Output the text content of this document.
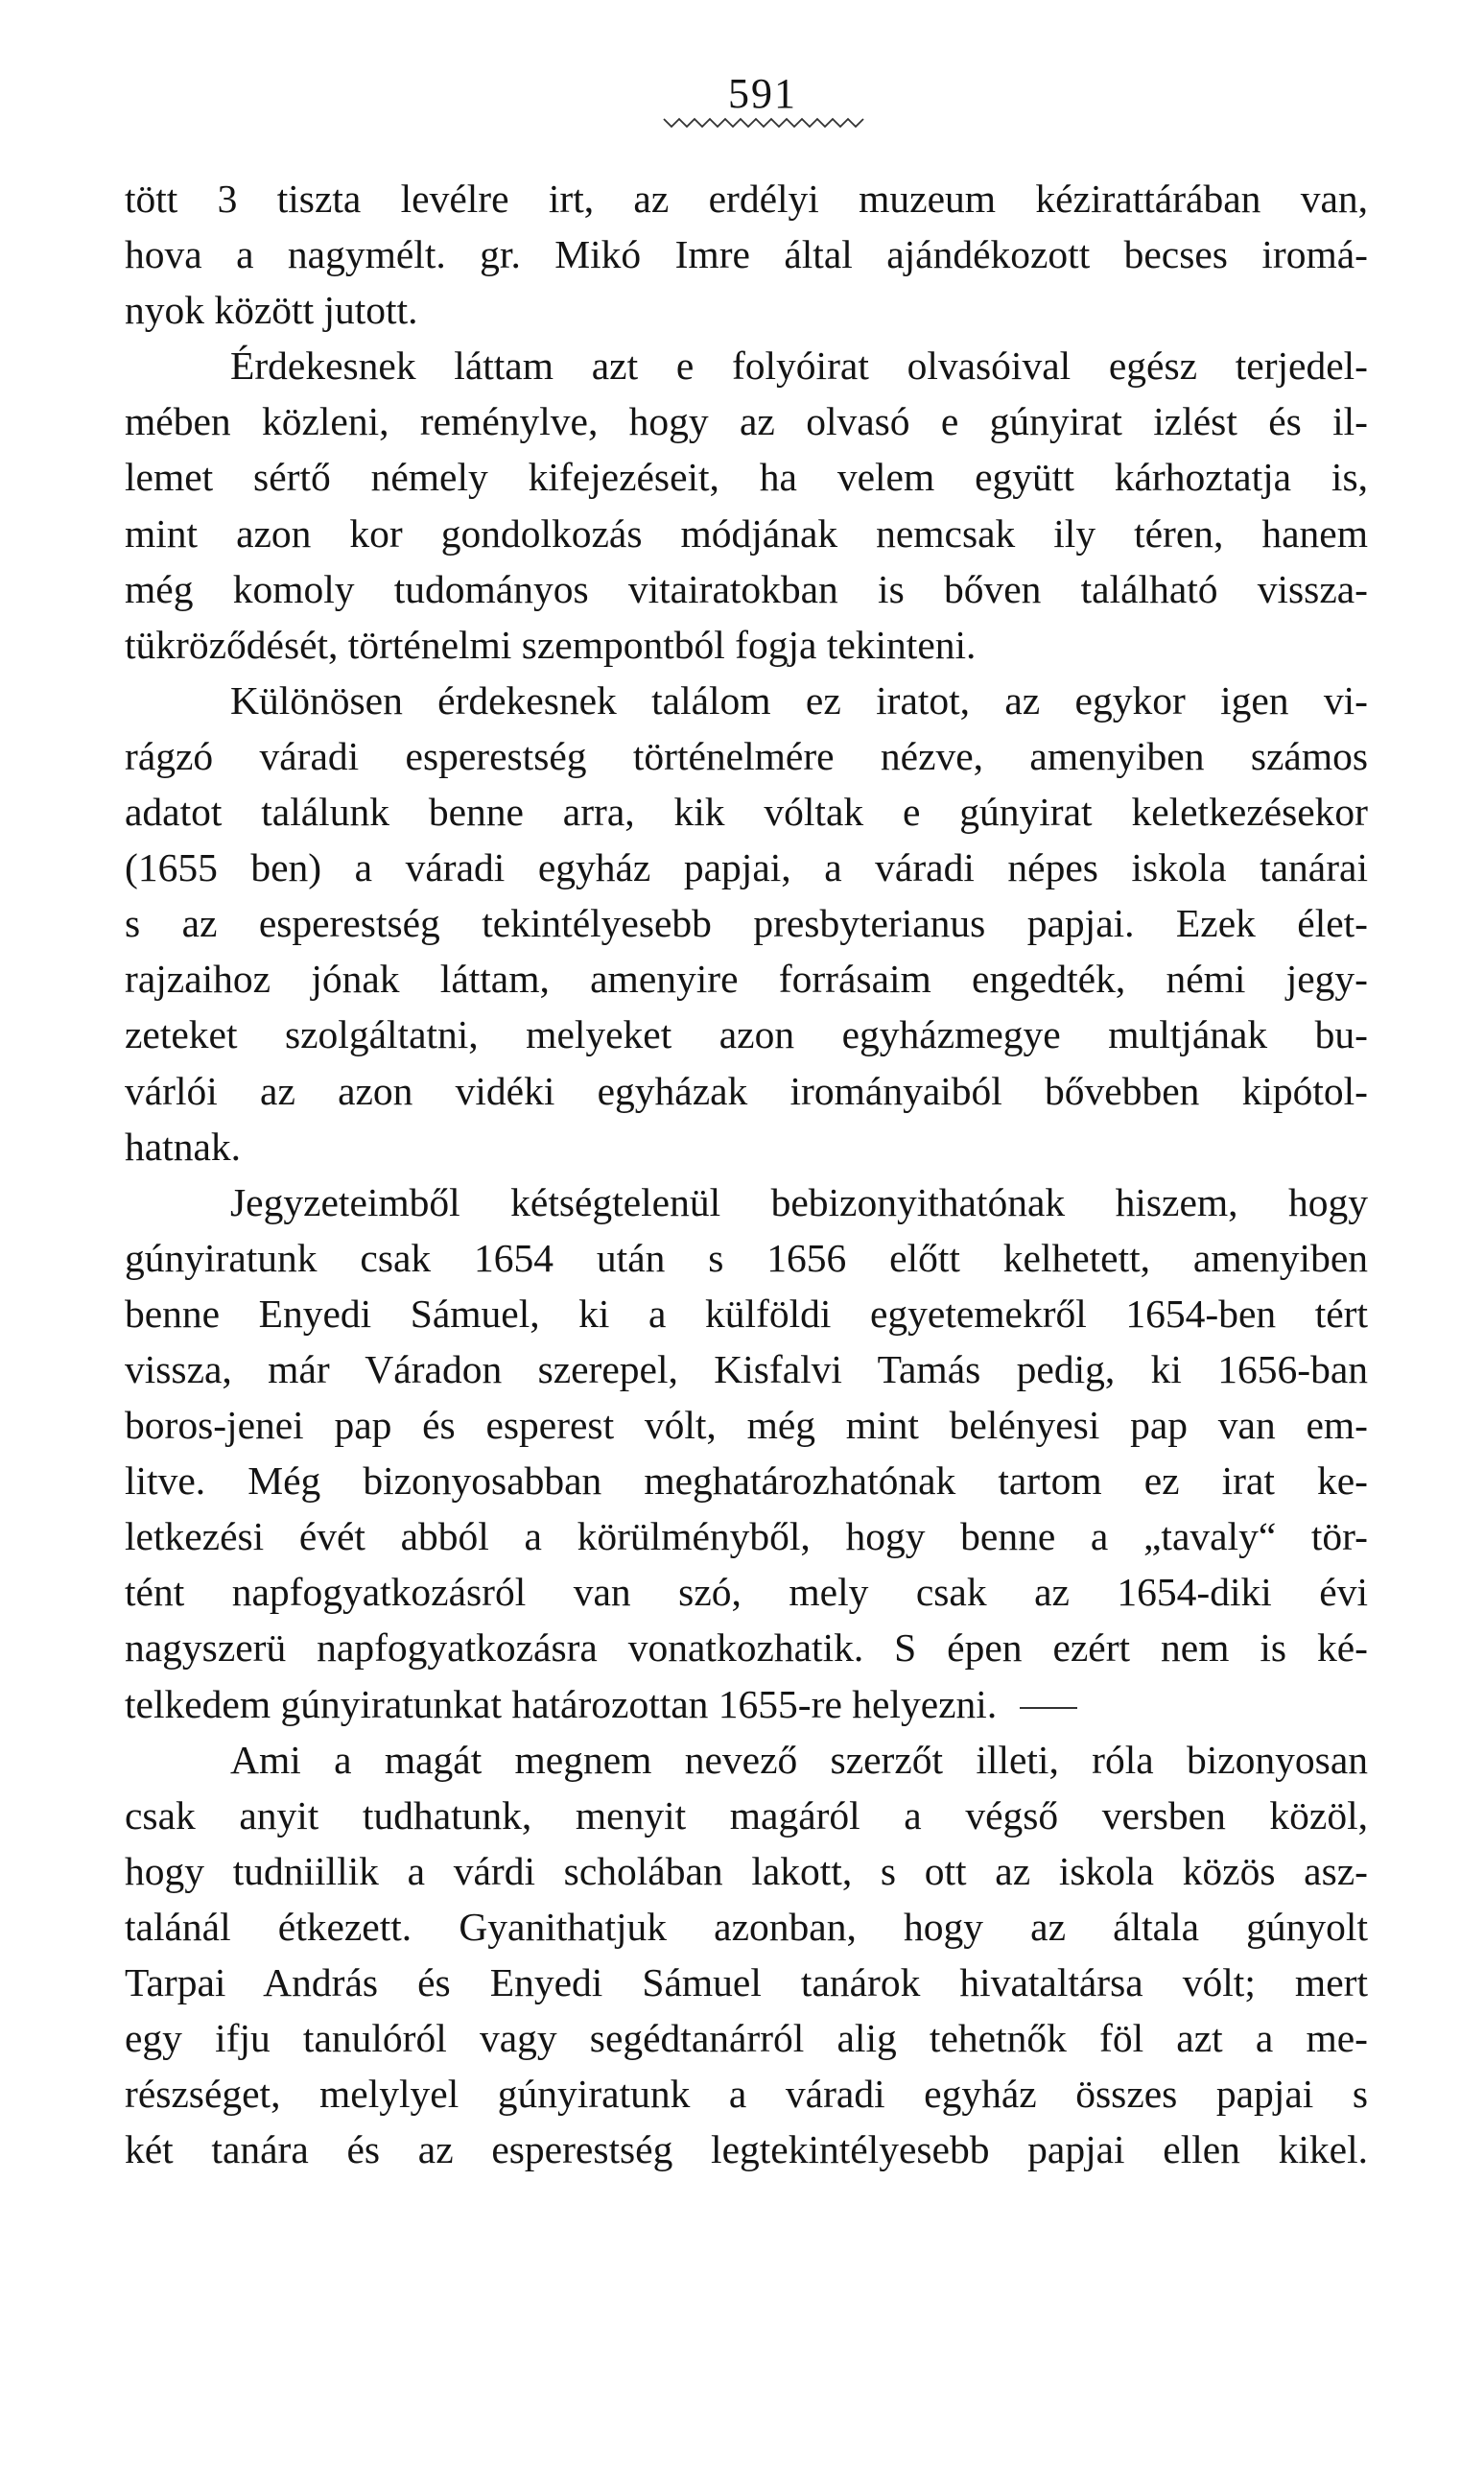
591
tött 3 tiszta levélre irt, az erdélyi muzeum kézirattárában van,
hova a nagymélt. gr. Mikó Imre által ajándékozott becses iromá-
nyok között jutott.
Érdekesnek láttam azt e folyóirat olvasóival egész terjedel-
mében közleni, reménylve, hogy az olvasó e gúnyirat izlést és il-
lemet sértő némely kifejezéseit, ha velem együtt kárhoztatja is,
mint azon kor gondolkozás módjának nemcsak ily téren, hanem
még komoly tudományos vitairatokban is bőven található vissza-
tükröződését, történelmi szempontból fogja tekinteni.
Különösen érdekesnek találom ez iratot, az egykor igen vi-
rágzó váradi esperestség történelmére nézve, amenyiben számos
adatot találunk benne arra, kik vóltak e gúnyirat keletkezésekor
(1655 ben) a váradi egyház papjai, a váradi népes iskola tanárai
s az esperestség tekintélyesebb presbyterianus papjai. Ezek élet-
rajzaihoz jónak láttam, amenyire forrásaim engedték, némi jegy-
zeteket szolgáltatni, melyeket azon egyházmegye multjának bu-
várlói az azon vidéki egyházak irományaiból bővebben kipótol-
hatnak.
Jegyzeteimből kétségtelenül bebizonyithatónak hiszem, hogy
gúnyiratunk csak 1654 után s 1656 előtt kelhetett, amenyiben
benne Enyedi Sámuel, ki a külföldi egyetemekről 1654-ben tért
vissza, már Váradon szerepel, Kisfalvi Tamás pedig, ki 1656-ban
boros-jenei pap és esperest vólt, még mint belényesi pap van em-
litve. Még bizonyosabban meghatározhatónak tartom ez irat ke-
letkezési évét abból a körülményből, hogy benne a „tavaly“ tör-
tént napfogyatkozásról van szó, mely csak az 1654-diki évi
nagyszerü napfogyatkozásra vonatkozhatik. S épen ezért nem is ké-
telkedem gúnyiratunkat határozottan 1655-re helyezni.
Ami a magát megnem nevező szerzőt illeti, róla bizonyosan
csak anyit tudhatunk, menyit magáról a végső versben közöl,
hogy tudniillik a várdi scholában lakott, s ott az iskola közös asz-
talánál étkezett. Gyanithatjuk azonban, hogy az általa gúnyolt
Tarpai András és Enyedi Sámuel tanárok hivataltársa vólt; mert
egy ifju tanulóról vagy segédtanárról alig tehetnők föl azt a me-
részséget, melylyel gúnyiratunk a váradi egyház összes papjai s
két tanára és az esperestség legtekintélyesebb papjai ellen kikel.
